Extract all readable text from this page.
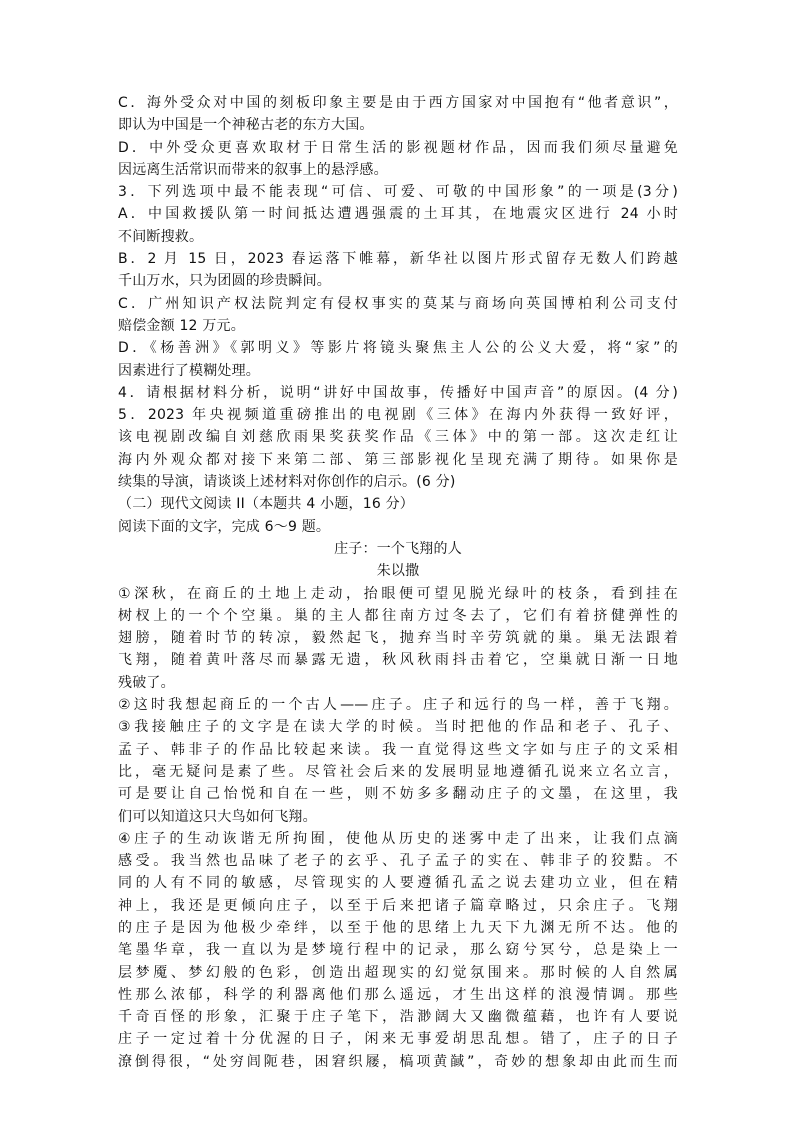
C．海外受众对中国的刻板印象主要是由于西方国家对中国抱有“他者意识”，
即认为中国是一个神秘古老的东方大国。
D．中外受众更喜欢取材于日常生活的影视题材作品，因而我们须尽量避免
因远离生活常识而带来的叙事上的悬浮感。
3．下列选项中最不能表现“可信、可爱、可敬的中国形象”的一项是(3分)
A．中国救援队第一时间抵达遭遇强震的土耳其，在地震灾区进行 24 小时
不间断搜救。
B．2 月 15 日，2023 春运落下帷幕，新华社以图片形式留存无数人们跨越
千山万水，只为团圆的珍贵瞬间。
C．广州知识产权法院判定有侵权事实的莫某与商场向英国博柏利公司支付
赔偿金额 12 万元。
D．《杨善洲》《郭明义》等影片将镜头聚焦主人公的公义大爱，将“家”的
因素进行了模糊处理。
4．请根据材料分析，说明“讲好中国故事，传播好中国声音”的原因。(4 分)
5．2023 年央视频道重磅推出的电视剧《三体》在海内外获得一致好评，
该电视剧改编自刘慈欣雨果奖获奖作品《三体》中的第一部。这次走红让
海内外观众都对接下来第二部、第三部影视化呈现充满了期待。如果你是
续集的导演，请谈谈上述材料对你创作的启示。(6 分)
（二）现代文阅读 II（本题共 4 小题，16 分）
阅读下面的文字，完成 6～9 题。
庄子：一个飞翔的人
朱以撒
①深秋，在商丘的土地上走动，抬眼便可望见脱光绿叶的枝条，看到挂在
树杈上的一个个空巢。巢的主人都往南方过冬去了，它们有着挤健弹性的
翅膀，随着时节的转凉，毅然起飞，抛弃当时辛劳筑就的巢。巢无法跟着
飞翔，随着黄叶落尽而暴露无遗，秋风秋雨抖击着它，空巢就日渐一日地
残破了。
②这时我想起商丘的一个古人——庄子。庄子和远行的鸟一样，善于飞翔。
③我接触庄子的文字是在读大学的时候。当时把他的作品和老子、孔子、
孟子、韩非子的作品比较起来读。我一直觉得这些文字如与庄子的文采相
比，毫无疑问是素了些。尽管社会后来的发展明显地遵循孔说来立名立言，
可是要让自己怡悦和自在一些，则不妨多多翻动庄子的文墨，在这里，我
们可以知道这只大鸟如何飞翔。
④庄子的生动诙谐无所拘囿，使他从历史的迷雾中走了出来，让我们点滴
感受。我当然也品味了老子的玄乎、孔子孟子的实在、韩非子的狡黠。不
同的人有不同的敏感，尽管现实的人要遵循孔孟之说去建功立业，但在精
神上，我还是更倾向庄子，以至于后来把诸子篇章略过，只余庄子。飞翔
的庄子是因为他极少牵绊，以至于他的思绪上九天下九渊无所不达。他的
笔墨华章，我一直以为是梦境行程中的记录，那么窈兮冥兮，总是染上一
层梦魇、梦幻般的色彩，创造出超现实的幻觉氛围来。那时候的人自然属
性那么浓郁，科学的利器离他们那么遥远，才生出这样的浪漫情调。那些
千奇百怪的形象，汇聚于庄子笔下，浩渺阔大又幽微蕴藉，也许有人要说
庄子一定过着十分优渥的日子，闲来无事爱胡思乱想。错了，庄子的日子
潦倒得很，“处穷闾阨巷，困窘织屦，槁项黄馘”，奇妙的想象却由此而生而
